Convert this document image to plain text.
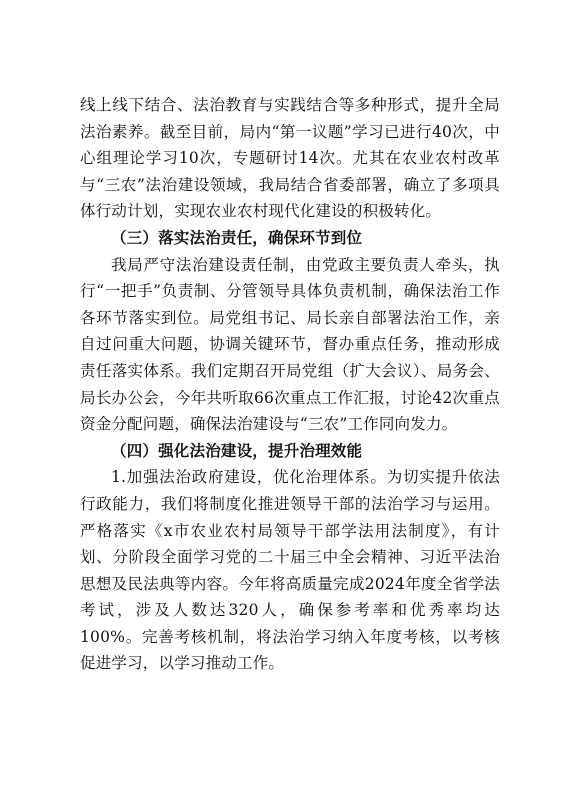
线上线下结合、法治教育与实践结合等多种形式，提升全局法治素养。截至目前，局内“第一议题”学习已进行40次，中心组理论学习10次，专题研讨14次。尤其在农业农村改革与“三农”法治建设领域，我局结合省委部署，确立了多项具体行动计划，实现农业农村现代化建设的积极转化。

（三）落实法治责任，确保环节到位

我局严守法治建设责任制，由党政主要负责人牵头，执行“一把手”负责制、分管领导具体负责机制，确保法治工作各环节落实到位。局党组书记、局长亲自部署法治工作，亲自过问重大问题，协调关键环节，督办重点任务，推动形成责任落实体系。我们定期召开局党组（扩大会议）、局务会、局长办公会，今年共听取66次重点工作汇报，讨论42次重点资金分配问题，确保法治建设与“三农”工作同向发力。

（四）强化法治建设，提升治理效能

1.加强法治政府建设，优化治理体系。为切实提升依法行政能力，我们将制度化推进领导干部的法治学习与运用。严格落实《x市农业农村局领导干部学法用法制度》，有计划、分阶段全面学习党的二十届三中全会精神、习近平法治思想及民法典等内容。今年将高质量完成2024年度全省学法考试，涉及人数达320人，确保参考率和优秀率均达100%。完善考核机制，将法治学习纳入年度考核，以考核促进学习，以学习推动工作。
